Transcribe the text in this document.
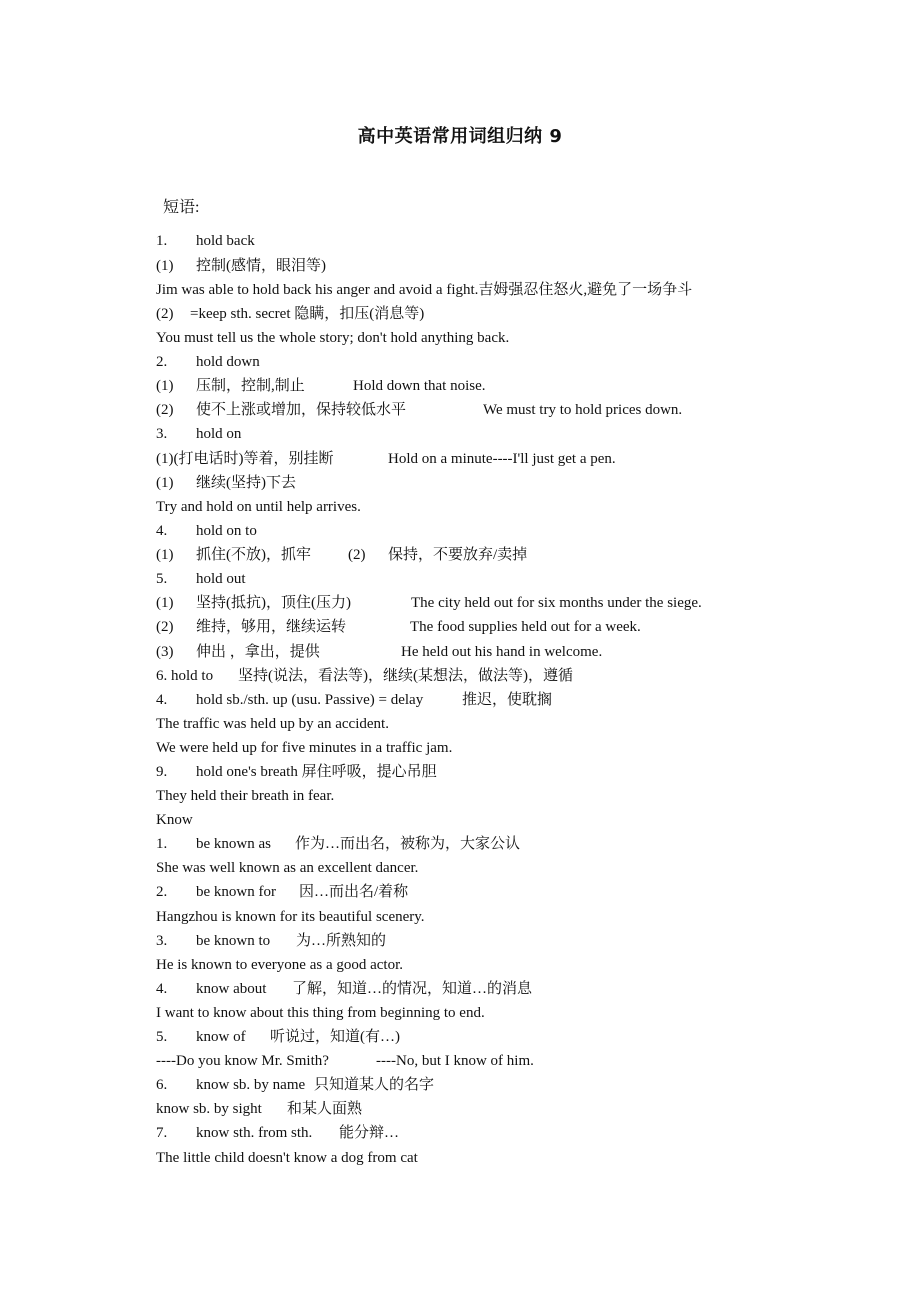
高中英语常用词组归纳 9
短语:
1. hold back
(1) 控制(感情，眼泪等)
Jim was able to hold back his anger and avoid a fight.吉姆强忍住怒火,避免了一场争斗
(2) =keep sth. secret 隐瞒，扣压(消息等)
You must tell us the whole story; don't hold anything back.
2. hold down
(1) 压制，控制,制止	Hold down that noise.
(2) 使不上涨或增加，保持较低水平	We must try to hold prices down.
3. hold on
(1)(打电话时)等着，别挂断	Hold on a minute----I'll just get a pen.
(1) 继续(坚持)下去
Try and hold on until help arrives.
4. hold on to
(1) 抓住(不放)，抓牢 (2) 保持，不要放弃/卖掉
5. hold out
(1) 坚持(抵抗)，顶住(压力)	The city held out for six months under the siege.
(2) 维持，够用，继续运转	The food supplies held out for a week.
(3) 伸出 ，拿出，提供	He held out his hand in welcome.
6. hold to 坚持(说法，看法等)，继续(某想法，做法等)，遵循
4. hold sb./sth. up (usu. Passive) = delay	推迟，使耽搁
The traffic was held up by an accident.
We were held up for five minutes in a traffic jam.
9. hold one's breath 屏住呼吸，提心吊胆
They held their breath in fear.
Know
1. be known as 作为…而出名，被称为，大家公认
She was well known as an excellent dancer.
2. be known for 因…而出名/着称
Hangzhou is known for its beautiful scenery.
3. be known to 为…所熟知的
He is known to everyone as a good actor.
4. know about 了解，知道…的情况，知道…的消息
I want to know about this thing from beginning to end.
5. know of 听说过，知道(有…)
----Do you know Mr. Smith?	----No, but I know of him.
6. know sb. by name 只知道某人的名字
know sb. by sight 和某人面熟
7. know sth. from sth. 能分辩…
The little child doesn't know a dog from cat
